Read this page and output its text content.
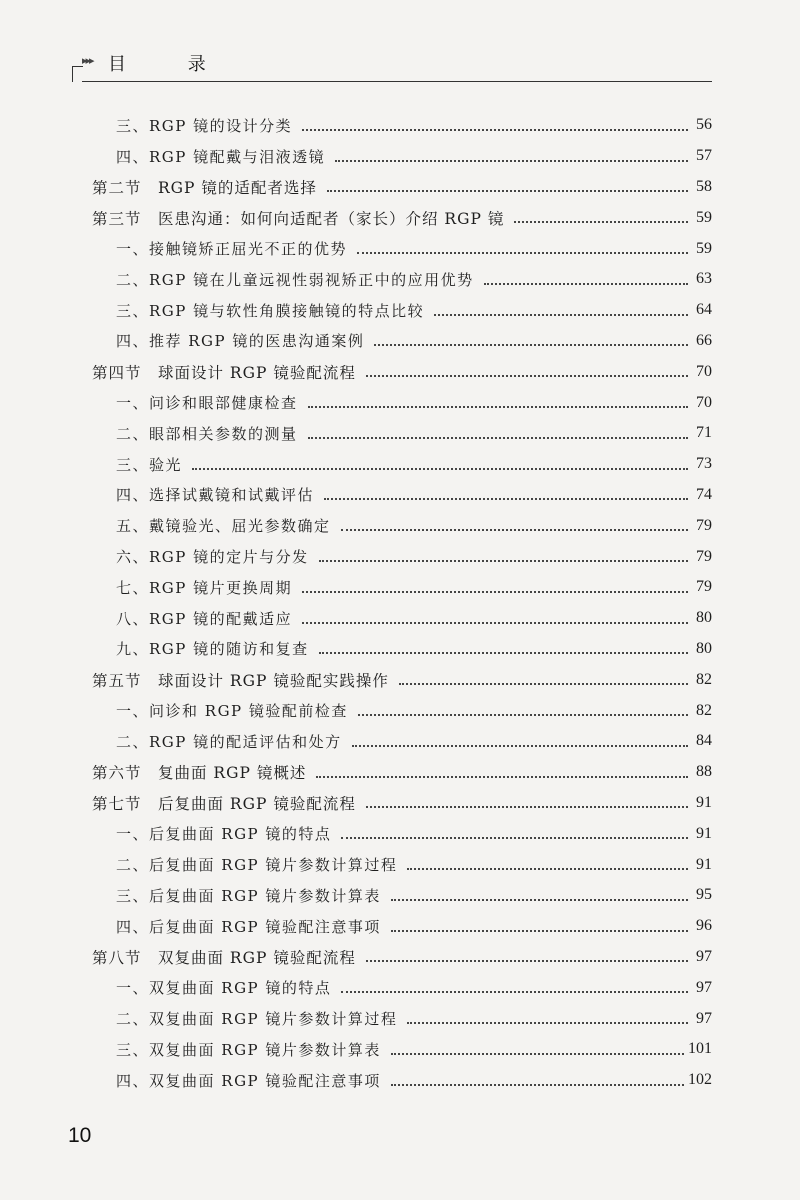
▸▸▸ 目 录
三、RGP 镜的设计分类	56
四、RGP 镜配戴与泪液透镜	57
第二节　RGP 镜的适配者选择	58
第三节　医患沟通：如何向适配者（家长）介绍 RGP 镜	59
一、接触镜矫正屈光不正的优势	59
二、RGP 镜在儿童远视性弱视矫正中的应用优势	63
三、RGP 镜与软性角膜接触镜的特点比较	64
四、推荐 RGP 镜的医患沟通案例	66
第四节　球面设计 RGP 镜验配流程	70
一、问诊和眼部健康检查	70
二、眼部相关参数的测量	71
三、验光	73
四、选择试戴镜和试戴评估	74
五、戴镜验光、屈光参数确定	79
六、RGP 镜的定片与分发	79
七、RGP 镜片更换周期	79
八、RGP 镜的配戴适应	80
九、RGP 镜的随访和复查	80
第五节　球面设计 RGP 镜验配实践操作	82
一、问诊和 RGP 镜验配前检查	82
二、RGP 镜的配适评估和处方	84
第六节　复曲面 RGP 镜概述	88
第七节　后复曲面 RGP 镜验配流程	91
一、后复曲面 RGP 镜的特点	91
二、后复曲面 RGP 镜片参数计算过程	91
三、后复曲面 RGP 镜片参数计算表	95
四、后复曲面 RGP 镜验配注意事项	96
第八节　双复曲面 RGP 镜验配流程	97
一、双复曲面 RGP 镜的特点	97
二、双复曲面 RGP 镜片参数计算过程	97
三、双复曲面 RGP 镜片参数计算表	101
四、双复曲面 RGP 镜验配注意事项	102
10
